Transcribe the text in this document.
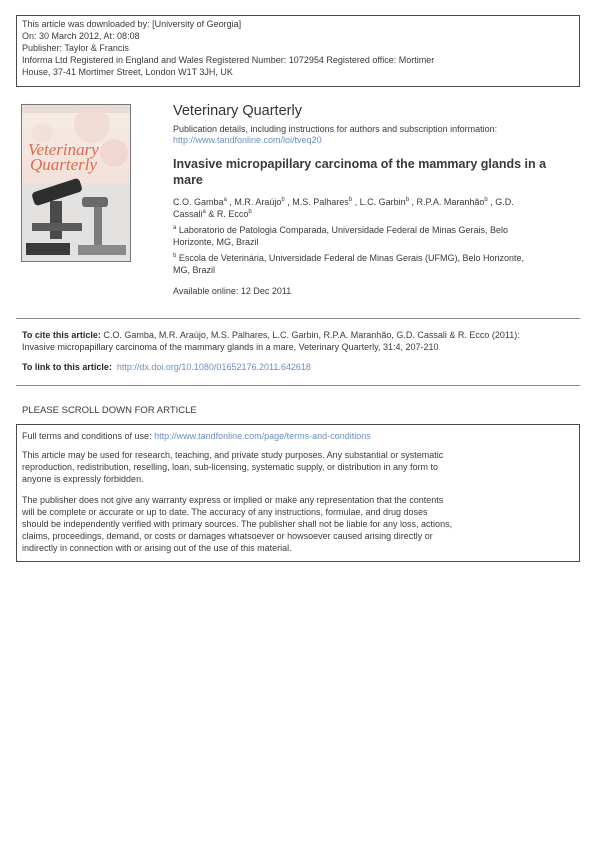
This article was downloaded by: [University of Georgia]
On: 30 March 2012, At: 08:08
Publisher: Taylor & Francis
Informa Ltd Registered in England and Wales Registered Number: 1072954 Registered office: Mortimer
House, 37-41 Mortimer Street, London W1T 3JH, UK
Veterinary
Quarterly
Veterinary Quarterly
Publication details, including instructions for authors and subscription information:
http://www.tandfonline.com/loi/tveq20
Invasive micropapillary carcinoma of the mammary glands in a mare
C.O. Gamba$^a$ , M.R. Araújo$^b$ , M.S. Palhares$^b$ , L.C. Garbin$^b$ , R.P.A. Maranhão$^b$ , G.D.
Cassali$^a$ & R. Ecco$^b$
$^a$ Laboratorio de Patologia Comparada, Universidade Federal de Minas Gerais, Belo
Horizonte, MG, Brazil
$^b$ Escola de Veterinária, Universidade Federal de Minas Gerais (UFMG), Belo Horizonte,
MG, Brazil
Available online: 12 Dec 2011
To cite this article: C.O. Gamba, M.R. Araújo, M.S. Palhares, L.C. Garbin, R.P.A. Maranhão, G.D. Cassali & R. Ecco (2011):
Invasive micropapillary carcinoma of the mammary glands in a mare, Veterinary Quarterly, 31:4, 207-210
To link to this article: http://dx.doi.org/10.1080/01652176.2011.642618
PLEASE SCROLL DOWN FOR ARTICLE
Full terms and conditions of use: http://www.tandfonline.com/page/terms-and-conditions
This article may be used for research, teaching, and private study purposes. Any substantial or systematic
reproduction, redistribution, reselling, loan, sub-licensing, systematic supply, or distribution in any form to
anyone is expressly forbidden.
The publisher does not give any warranty express or implied or make any representation that the contents
will be complete or accurate or up to date. The accuracy of any instructions, formulae, and drug doses
should be independently verified with primary sources. The publisher shall not be liable for any loss, actions,
claims, proceedings, demand, or costs or damages whatsoever or howsoever caused arising directly or
indirectly in connection with or arising out of the use of this material.
